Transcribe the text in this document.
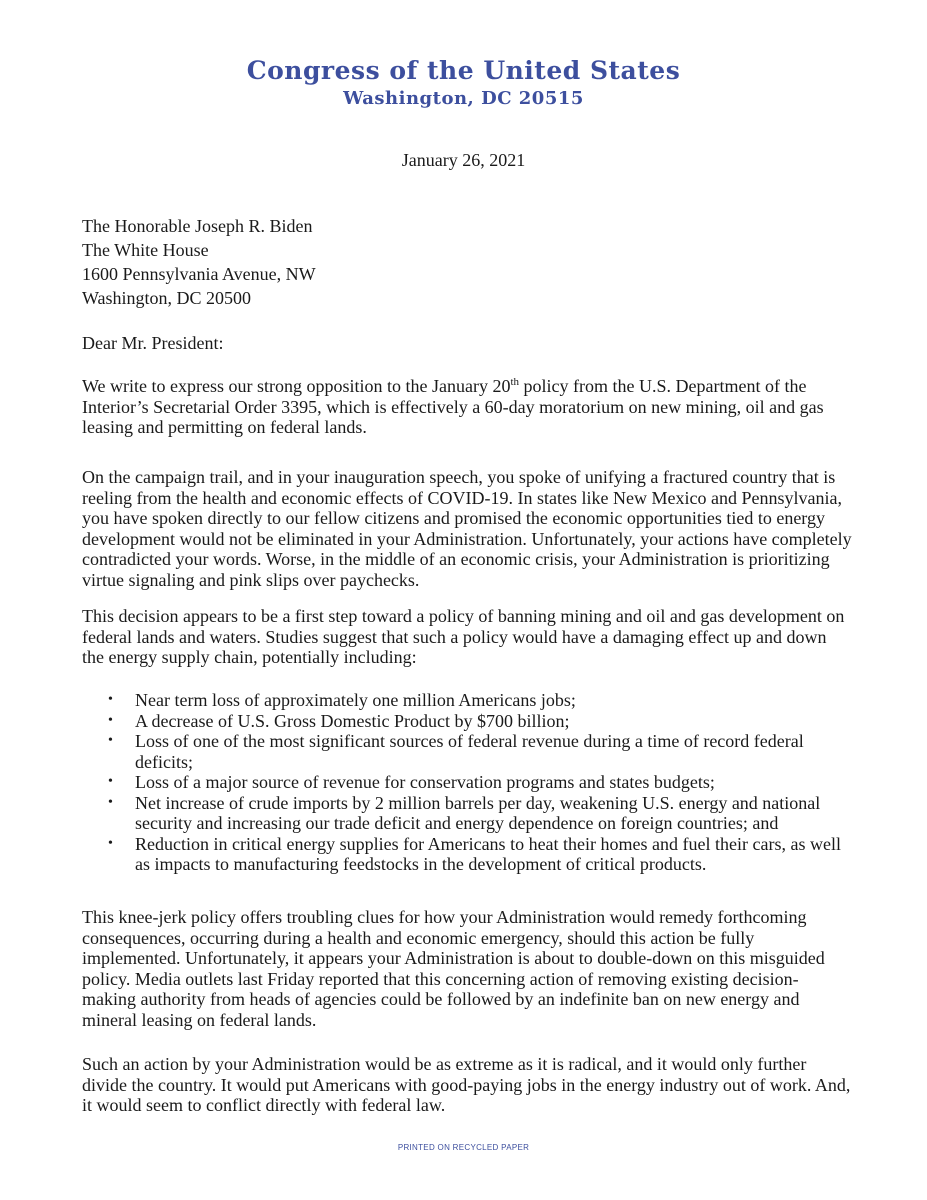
Congress of the United States
Washington, DC 20515
January 26, 2021
The Honorable Joseph R. Biden
The White House
1600 Pennsylvania Avenue, NW
Washington, DC 20500
Dear Mr. President:

We write to express our strong opposition to the January 20th policy from the U.S. Department of the Interior’s Secretarial Order 3395, which is effectively a 60-day moratorium on new mining, oil and gas leasing and permitting on federal lands.

On the campaign trail, and in your inauguration speech, you spoke of unifying a fractured country that is reeling from the health and economic effects of COVID-19. In states like New Mexico and Pennsylvania, you have spoken directly to our fellow citizens and promised the economic opportunities tied to energy development would not be eliminated in your Administration. Unfortunately, your actions have completely contradicted your words. Worse, in the middle of an economic crisis, your Administration is prioritizing virtue signaling and pink slips over paychecks.

This decision appears to be a first step toward a policy of banning mining and oil and gas development on federal lands and waters. Studies suggest that such a policy would have a damaging effect up and down the energy supply chain, potentially including:

• Near term loss of approximately one million Americans jobs;
• A decrease of U.S. Gross Domestic Product by $700 billion;
• Loss of one of the most significant sources of federal revenue during a time of record federal deficits;
• Loss of a major source of revenue for conservation programs and states budgets;
• Net increase of crude imports by 2 million barrels per day, weakening U.S. energy and national security and increasing our trade deficit and energy dependence on foreign countries; and
• Reduction in critical energy supplies for Americans to heat their homes and fuel their cars, as well as impacts to manufacturing feedstocks in the development of critical products.

This knee-jerk policy offers troubling clues for how your Administration would remedy forthcoming consequences, occurring during a health and economic emergency, should this action be fully implemented. Unfortunately, it appears your Administration is about to double-down on this misguided policy. Media outlets last Friday reported that this concerning action of removing existing decision-making authority from heads of agencies could be followed by an indefinite ban on new energy and mineral leasing on federal lands.

Such an action by your Administration would be as extreme as it is radical, and it would only further divide the country. It would put Americans with good-paying jobs in the energy industry out of work. And, it would seem to conflict directly with federal law.

PRINTED ON RECYCLED PAPER
